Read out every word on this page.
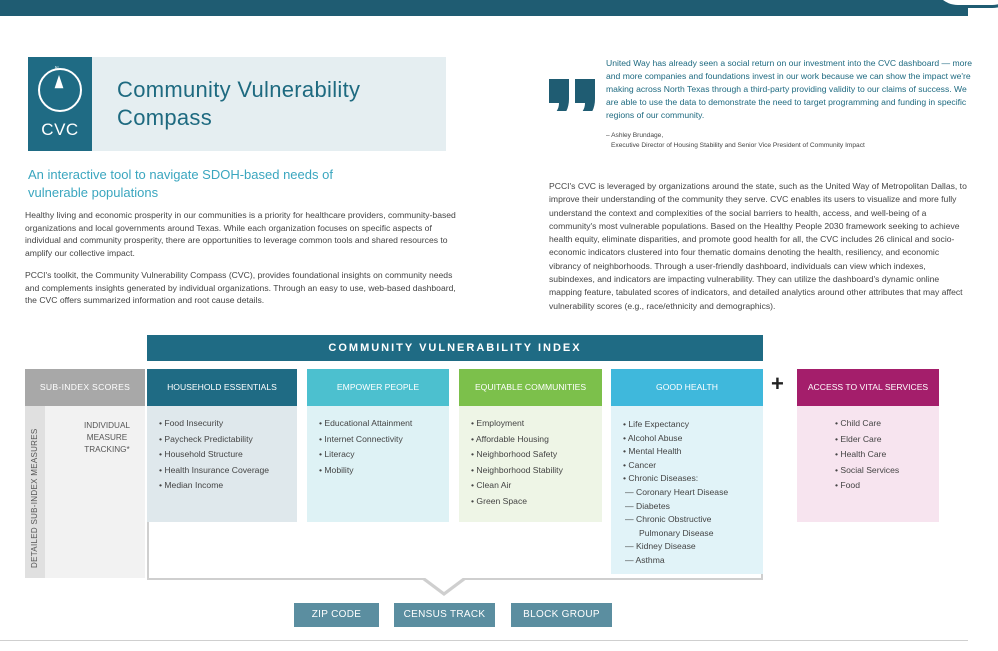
N
CVC
Community Vulnerability Compass
An interactive tool to navigate SDOH-based needs of vulnerable populations
Healthy living and economic prosperity in our communities is a priority for healthcare providers, community-based organizations and local governments around Texas. While each organization focuses on specific aspects of individual and community prosperity, there are opportunities to leverage common tools and shared resources to amplify our collective impact.
PCCI's toolkit, the Community Vulnerability Compass (CVC), provides foundational insights on community needs and complements insights generated by individual organizations. Through an easy to use, web-based dashboard, the CVC offers summarized information and root cause details.
United Way has already seen a social return on our investment into the CVC dashboard — more and more companies and foundations invest in our work because we can show the impact we're making across North Texas through a third-party providing validity to our claims of success. We are able to use the data to demonstrate the need to target programming and funding in specific regions of our community.
– Ashley Brundage,
Executive Director of Housing Stability and Senior Vice President of Community Impact
PCCI's CVC is leveraged by organizations around the state, such as the United Way of Metropolitan Dallas, to improve their understanding of the community they serve. CVC enables its users to visualize and more fully understand the context and complexities of the social barriers to health, access, and well-being of a community's most vulnerable populations. Based on the Healthy People 2030 framework seeking to achieve health equity, eliminate disparities, and promote good health for all, the CVC includes 26 clinical and socio-economic indicators clustered into four thematic domains denoting the health, resiliency, and economic vibrancy of neighborhoods. Through a user-friendly dashboard, individuals can view which indexes, subindexes, and indicators are impacting vulnerability. They can utilize the dashboard's dynamic online mapping feature, tabulated scores of indicators, and detailed analytics around other attributes that may affect vulnerability scores (e.g., race/ethnicity and demographics).
COMMUNITY VULNERABILITY INDEX
SUB-INDEX SCORES
DETAILED SUB-INDEX MEASURES
INDIVIDUAL MEASURE TRACKING*
HOUSEHOLD ESSENTIALS
• Food Insecurity
• Paycheck Predictability
• Household Structure
• Health Insurance Coverage
• Median Income
EMPOWER PEOPLE
• Educational Attainment
• Internet Connectivity
• Literacy
• Mobility
EQUITABLE COMMUNITIES
• Employment
• Affordable Housing
• Neighborhood Safety
• Neighborhood Stability
• Clean Air
• Green Space
GOOD HEALTH
• Life Expectancy
• Alcohol Abuse
• Mental Health
• Cancer
• Chronic Diseases:
— Coronary Heart Disease
— Diabetes
— Chronic Obstructive
Pulmonary Disease
— Kidney Disease
— Asthma
+	ACCESS TO VITAL SERVICES
• Child Care
• Elder Care
• Health Care
• Social Services
• Food
ZIP CODE	CENSUS TRACK	BLOCK GROUP
